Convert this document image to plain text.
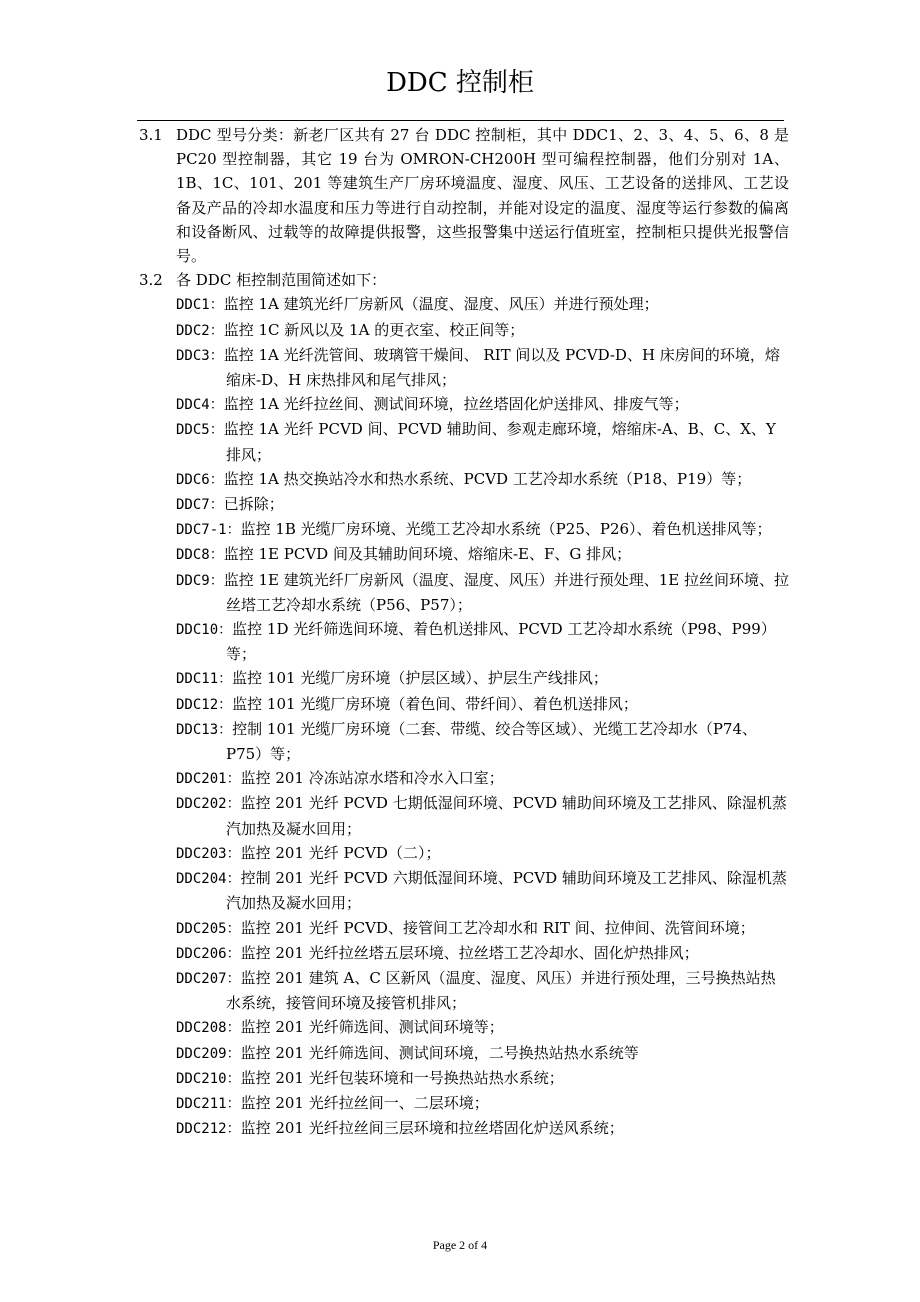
DDC 控制柜
3.1 DDC 型号分类：新老厂区共有 27 台 DDC 控制柜，其中 DDC1、2、3、4、5、6、8 是 PC20 型控制器，其它 19 台为 OMRON-CH200H 型可编程控制器，他们分别对 1A、1B、1C、101、201 等建筑生产厂房环境温度、湿度、风压、工艺设备的送排风、工艺设备及产品的冷却水温度和压力等进行自动控制，并能对设定的温度、湿度等运行参数的偏离和设备断风、过载等的故障提供报警，这些报警集中送运行值班室，控制柜只提供光报警信号。
3.2 各 DDC 柜控制范围简述如下：
DDC1：监控 1A 建筑光纤厂房新风（温度、湿度、风压）并进行预处理；
DDC2：监控 1C 新风以及 1A 的更衣室、校正间等；
DDC3：监控 1A 光纤洗管间、玻璃管干燥间、 RIT 间以及 PCVD-D、H 床房间的环境，熔缩床-D、H 床热排风和尾气排风；
DDC4：监控 1A 光纤拉丝间、测试间环境，拉丝塔固化炉送排风、排废气等；
DDC5：监控 1A 光纤 PCVD 间、PCVD 辅助间、参观走廊环境，熔缩床-A、B、C、X、Y 排风；
DDC6：监控 1A 热交换站冷水和热水系统、PCVD 工艺冷却水系统（P18、P19）等；
DDC7：已拆除；
DDC7-1：监控 1B 光缆厂房环境、光缆工艺冷却水系统（P25、P26）、着色机送排风等；
DDC8：监控 1E PCVD 间及其辅助间环境、熔缩床-E、F、G 排风；
DDC9：监控 1E 建筑光纤厂房新风（温度、湿度、风压）并进行预处理、1E 拉丝间环境、拉丝塔工艺冷却水系统（P56、P57）；
DDC10：监控 1D 光纤筛选间环境、着色机送排风、PCVD 工艺冷却水系统（P98、P99）等；
DDC11：监控 101 光缆厂房环境（护层区域）、护层生产线排风；
DDC12：监控 101 光缆厂房环境（着色间、带纤间）、着色机送排风；
DDC13：控制 101 光缆厂房环境（二套、带缆、绞合等区域）、光缆工艺冷却水（P74、P75）等；
DDC201：监控 201 冷冻站凉水塔和冷水入口室；
DDC202：监控 201 光纤 PCVD 七期低湿间环境、PCVD 辅助间环境及工艺排风、除湿机蒸汽加热及凝水回用；
DDC203：监控 201 光纤 PCVD（二）；
DDC204：控制 201 光纤 PCVD 六期低湿间环境、PCVD 辅助间环境及工艺排风、除湿机蒸汽加热及凝水回用；
DDC205：监控 201 光纤 PCVD、接管间工艺冷却水和 RIT 间、拉伸间、洗管间环境；
DDC206：监控 201 光纤拉丝塔五层环境、拉丝塔工艺冷却水、固化炉热排风；
DDC207：监控 201 建筑 A、C 区新风（温度、湿度、风压）并进行预处理，三号换热站热水系统，接管间环境及接管机排风；
DDC208：监控 201 光纤筛选间、测试间环境等；
DDC209：监控 201 光纤筛选间、测试间环境，二号换热站热水系统等
DDC210：监控 201 光纤包装环境和一号换热站热水系统；
DDC211：监控 201 光纤拉丝间一、二层环境；
DDC212：监控 201 光纤拉丝间三层环境和拉丝塔固化炉送风系统；
Page 2 of 4
